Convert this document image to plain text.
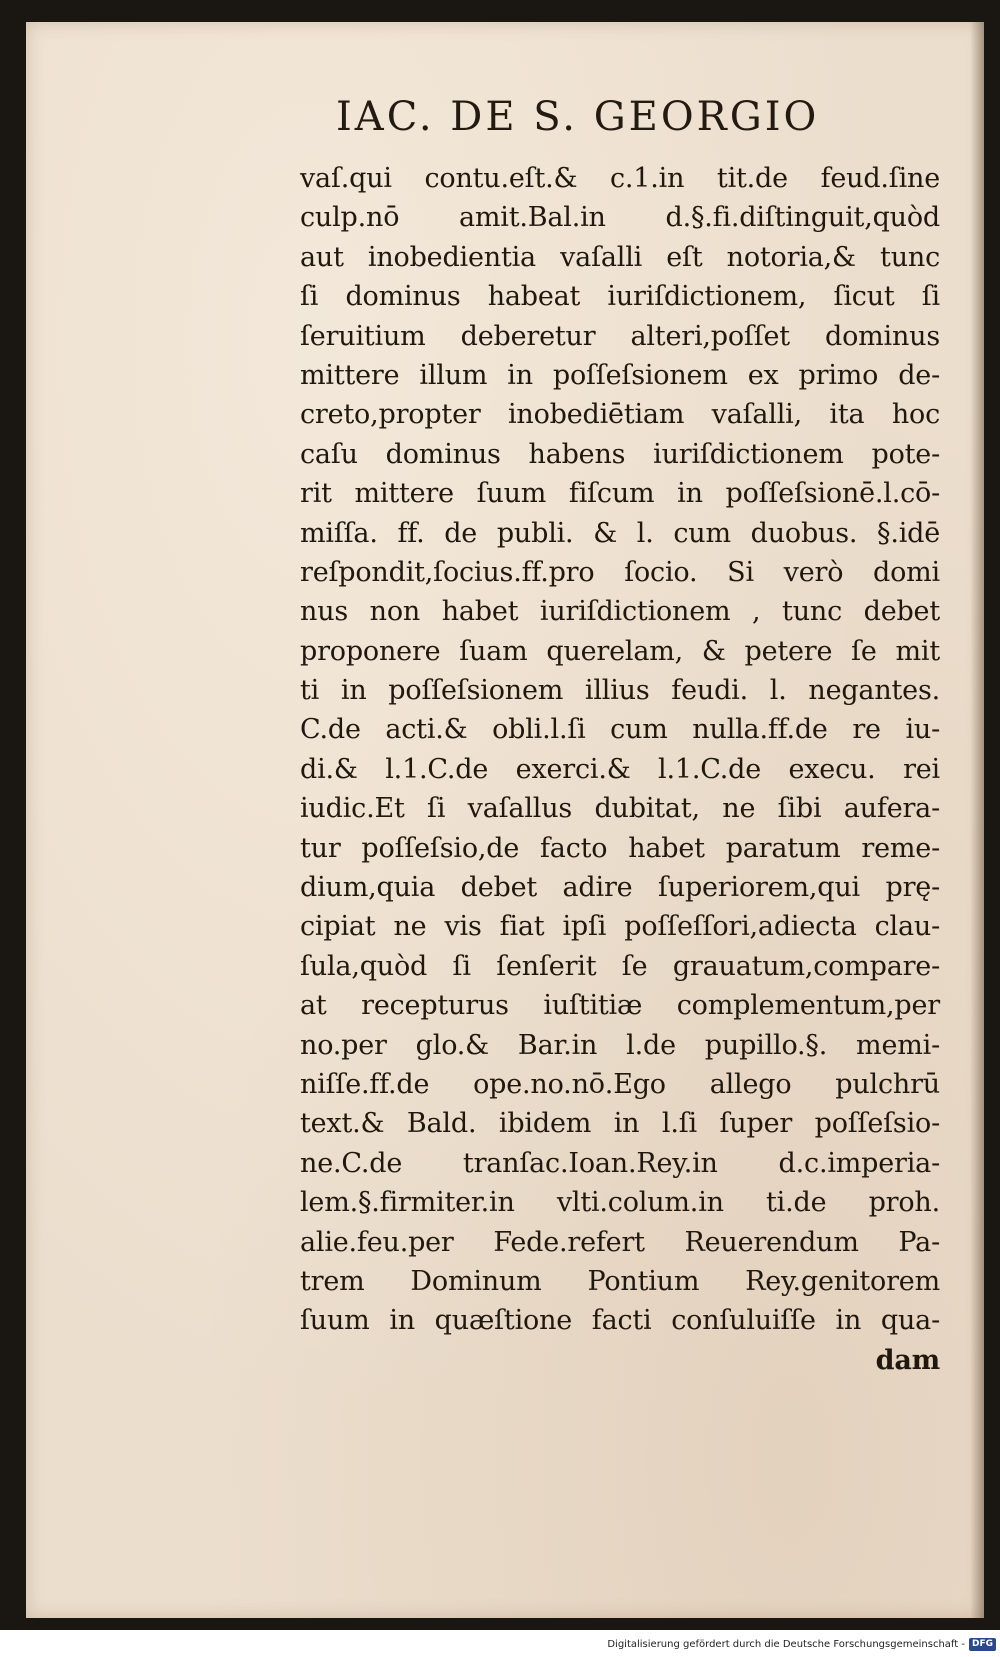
IAC. DE S. GEORGIO
vaſ.qui contu.eſt.& c.1.in tit.de feud.ſine
culp.nō amit.Bal.in d.§.fi.diſtinguit,quòd
aut inobedientia vaſalli eſt notoria,& tunc
ſi dominus habeat iuriſdictionem, ſicut ſi
ſeruitium deberetur alteri,poſſet dominus
mittere illum in poſſeſsionem ex primo de-
creto,propter inobediētiam vaſalli, ita hoc
caſu dominus habens iuriſdictionem pote-
rit mittere ſuum fiſcum in poſſeſsionē.l.cō-
miſſa. ff. de publi. & l. cum duobus. §.idē
reſpondit,ſocius.ff.pro ſocio. Si verò domi
nus non habet iuriſdictionem , tunc debet
proponere ſuam querelam, & petere ſe mit
ti in poſſeſsionem illius feudi. l. negantes.
C.de acti.& obli.l.ſi cum nulla.ff.de re iu-
di.& l.1.C.de exerci.& l.1.C.de execu. rei
iudic.Et ſi vaſallus dubitat, ne ſibi aufera-
tur poſſeſsio,de facto habet paratum reme-
dium,quia debet adire ſuperiorem,qui prę-
cipiat ne vis fiat ipſi poſſeſſori,adiecta clau-
ſula,quòd ſi ſenſerit ſe grauatum,compare-
at recepturus iuſtitiæ complementum,per
no.per glo.& Bar.in l.de pupillo.§. memi-
niſſe.ff.de ope.no.nō.Ego allego pulchrū
text.& Bald. ibidem in l.ſi ſuper poſſeſsio-
ne.C.de tranſac.Ioan.Rey.in d.c.imperia-
lem.§.firmiter.in vlti.colum.in ti.de proh.
alie.feu.per Fede.refert Reuerendum Pa-
trem Dominum Pontium Rey.genitorem
ſuum in quæſtione facti conſuluiſſe in qua-
dam
Digitalisierung gefördert durch die Deutsche Forschungsgemeinschaft - DFG
